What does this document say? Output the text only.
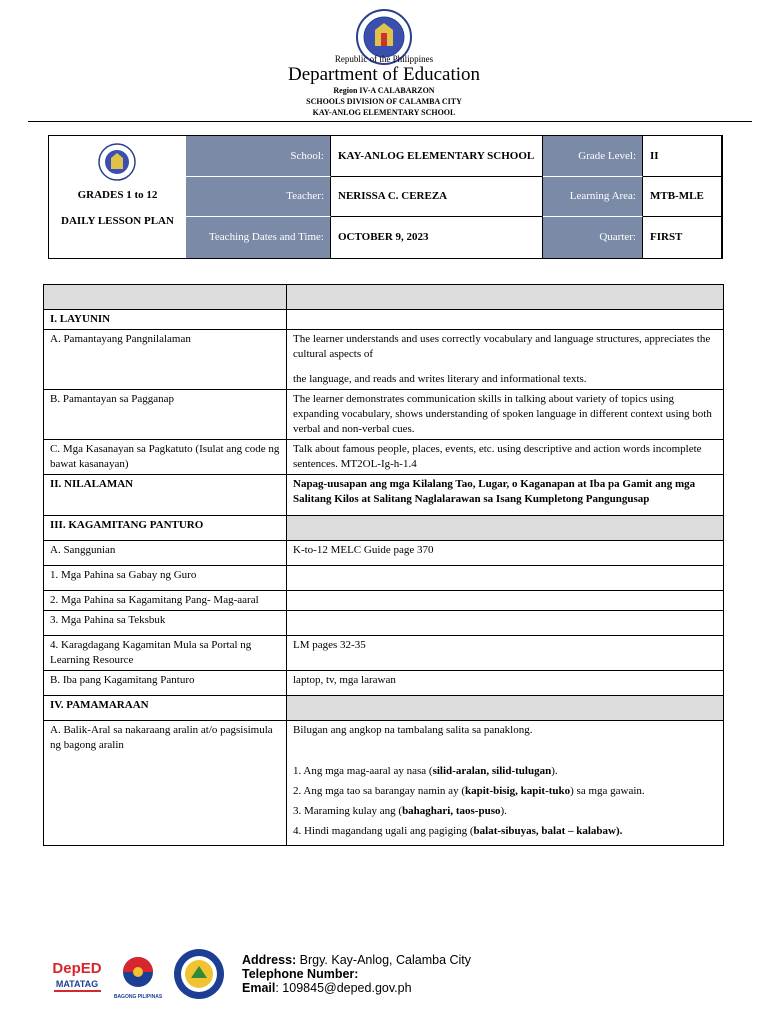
Republic of the Philippines
Department of Education
Region IV-A CALABARZON
SCHOOLS DIVISION OF CALAMBA CITY
KAY-ANLOG ELEMENTARY SCHOOL
GRADES 1 to 12
DAILY LESSON PLAN
School:	KAY-ANLOG ELEMENTARY SCHOOL	Grade Level:	II
Teacher:	NERISSA C. CEREZA	Learning Area:	MTB-MLE
Teaching Dates and Time:	OCTOBER 9, 2023	Quarter:	FIRST

I. LAYUNIN	
A. Pamantayang Pangnilalaman	The learner understands and uses correctly vocabulary and language structures, appreciates the cultural aspects of
the language, and reads and writes literary and informational texts.

B. Pamantayan sa Pagganap	The learner demonstrates communication skills in talking about variety of topics using expanding vocabulary, shows understanding of spoken language in different context using both verbal and non-verbal cues.
C. Mga Kasanayan sa Pagkatuto (Isulat ang code ng bawat kasanayan)	Talk about famous people, places, events, etc. using descriptive and action words incomplete sentences. MT2OL-Ig-h-1.4
II. NILALAMAN	Napag-uusapan ang mga Kilalang Tao, Lugar, o Kaganapan at Iba pa Gamit ang mga Salitang Kilos at Salitang Naglalarawan sa Isang Kumpletong Pangungusap
III. KAGAMITANG PANTURO	
A. Sanggunian	K-to-12 MELC Guide page 370
1. Mga Pahina sa Gabay ng Guro	
2. Mga Pahina sa Kagamitang Pang- Mag-aaral	
3. Mga Pahina sa Teksbuk	
4. Karagdagang Kagamitan Mula sa Portal ng Learning Resource	LM pages 32-35
B. Iba pang Kagamitang Panturo	laptop, tv, mga larawan
IV. PAMAMARAAN	
A. Balik-Aral sa nakaraang aralin at/o pagsisimula ng bagong aralin	Bilugan ang angkop na tambalang salita sa panaklong.
1. Ang mga mag-aaral ay nasa (silid-aralan, silid-tulugan).
2. Ang mga tao sa barangay namin ay (kapit-bisig, kapit-tuko) sa mga gawain.
3. Maraming kulay ang (bahaghari, taos-puso).
4. Hindi magandang ugali ang pagiging (balat-sibuyas, balat – kalabaw).
DepED
MATATAG
BAGONG PILIPINAS
Address: Brgy. Kay-Anlog, Calamba City
Telephone Number:
Email: 109845@deped.gov.ph
